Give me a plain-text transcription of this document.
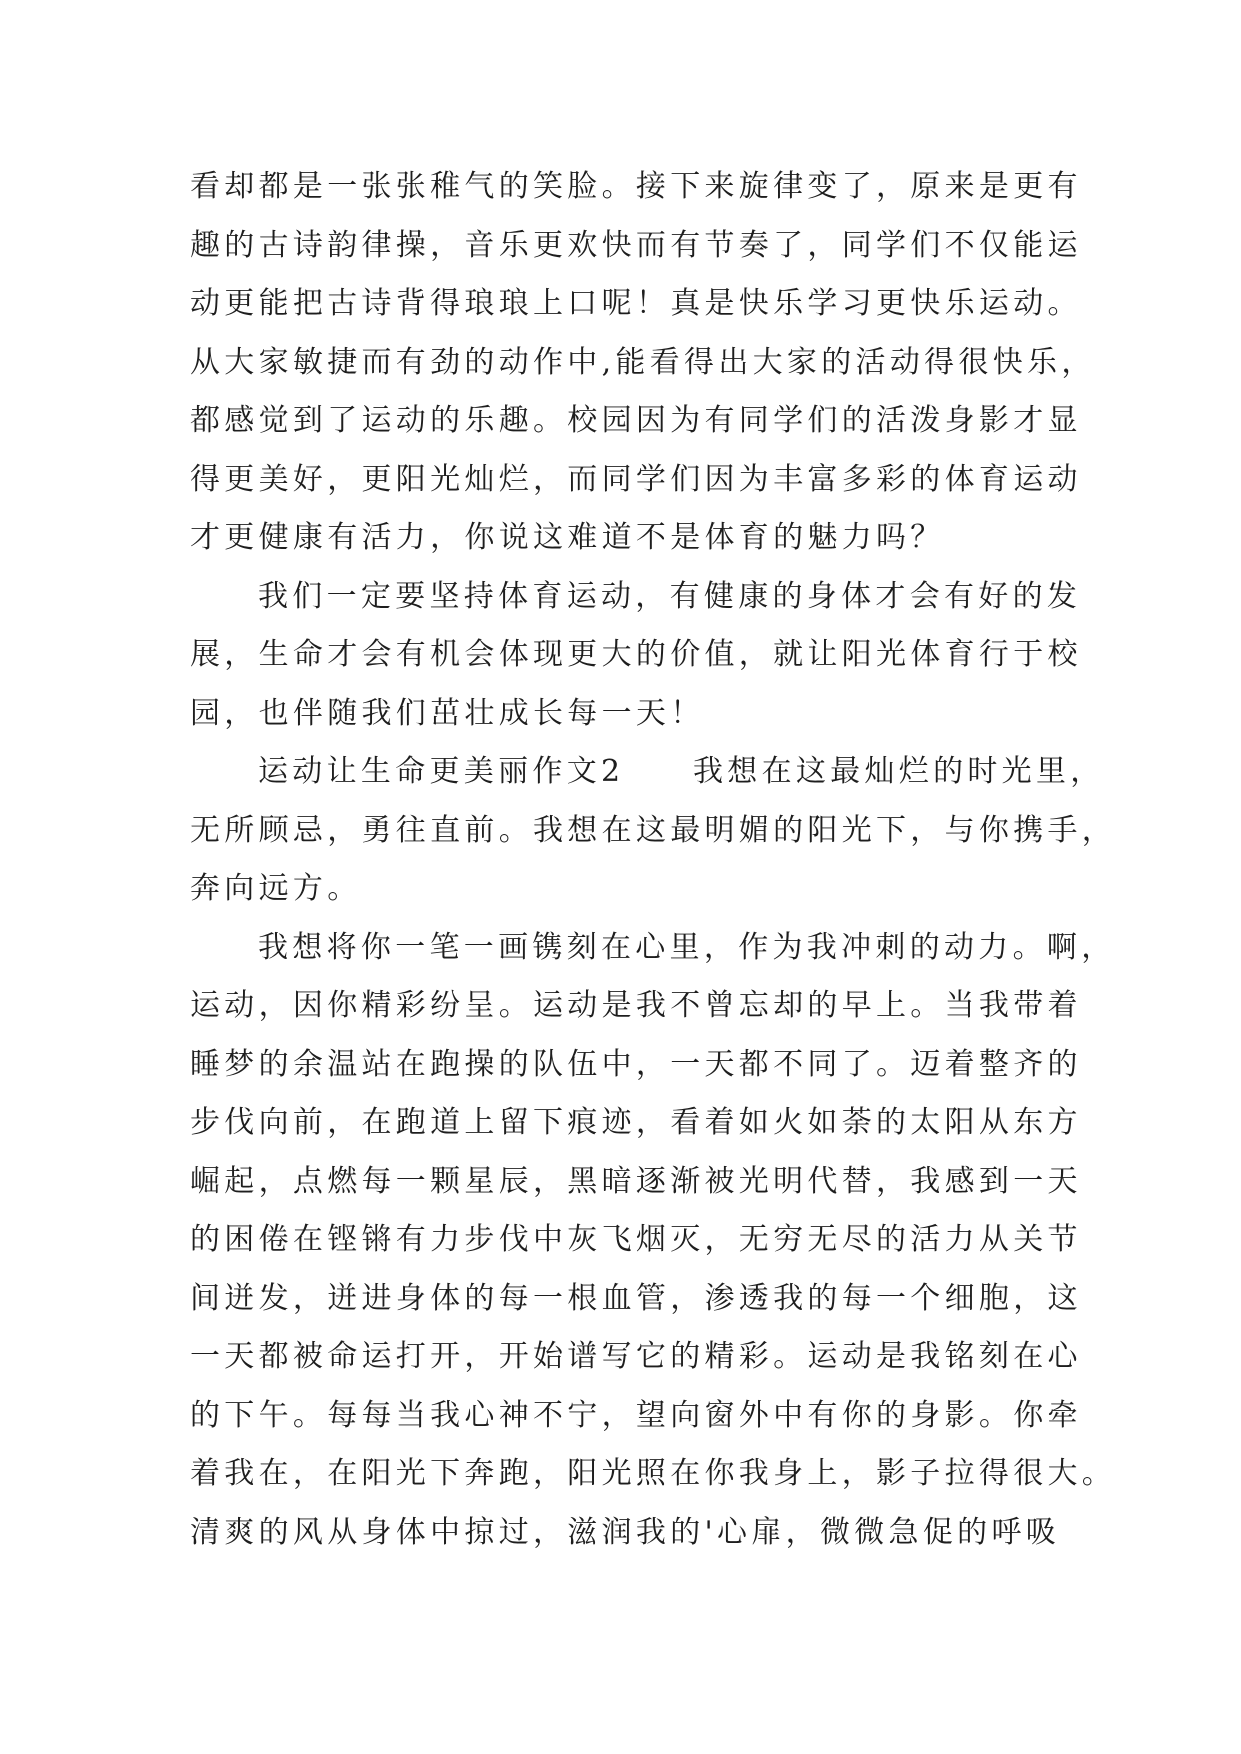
看却都是一张张稚气的笑脸。接下来旋律变了，原来是更有
趣的古诗韵律操，音乐更欢快而有节奏了，同学们不仅能运
动更能把古诗背得琅琅上口呢！真是快乐学习更快乐运动。
从大家敏捷而有劲的动作中,能看得出大家的活动得很快乐，
都感觉到了运动的乐趣。校园因为有同学们的活泼身影才显
得更美好，更阳光灿烂，而同学们因为丰富多彩的体育运动
才更健康有活力，你说这难道不是体育的魅力吗？
我们一定要坚持体育运动，有健康的身体才会有好的发
展，生命才会有机会体现更大的价值，就让阳光体育行于校
园，也伴随我们茁壮成长每一天！
运动让生命更美丽作文2　　我想在这最灿烂的时光里，
无所顾忌，勇往直前。我想在这最明媚的阳光下，与你携手，
奔向远方。
我想将你一笔一画镌刻在心里，作为我冲刺的动力。啊，
运动，因你精彩纷呈。运动是我不曾忘却的早上。当我带着
睡梦的余温站在跑操的队伍中，一天都不同了。迈着整齐的
步伐向前，在跑道上留下痕迹，看着如火如荼的太阳从东方
崛起，点燃每一颗星辰，黑暗逐渐被光明代替，我感到一天
的困倦在铿锵有力步伐中灰飞烟灭，无穷无尽的活力从关节
间迸发，迸进身体的每一根血管，渗透我的每一个细胞，这
一天都被命运打开，开始谱写它的精彩。运动是我铭刻在心
的下午。每每当我心神不宁，望向窗外中有你的身影。你牵
着我在，在阳光下奔跑，阳光照在你我身上，影子拉得很大。
清爽的风从身体中掠过，滋润我的'心扉，微微急促的呼吸
